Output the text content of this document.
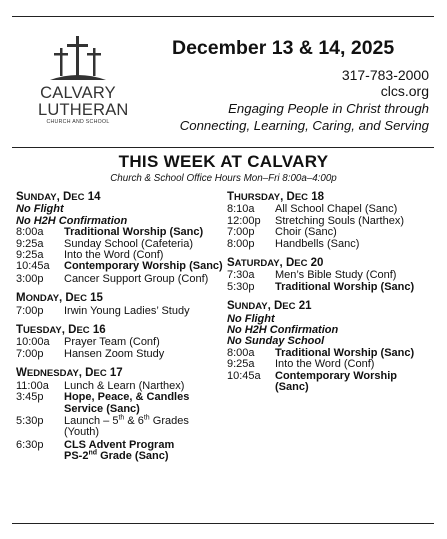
CALVARY
LUTHERAN
CHURCH AND SCHOOL
December 13 & 14, 2025
317-783-2000
clcs.org
Engaging People in Christ through
Connecting, Learning, Caring, and Serving
THIS WEEK AT CALVARY
Church & School Office Hours Mon–Fri 8:00a–4:00p
SUNDAY, DEC 14
No Flight
No H2H Confirmation
8:00a	Traditional Worship (Sanc)
9:25a	Sunday School (Cafeteria)
9:25a	Into the Word (Conf)
10:45a	Contemporary Worship (Sanc)
3:00p	Cancer Support Group (Conf)
MONDAY, DEC 15
7:00p	Irwin Young Ladies’ Study
TUESDAY, DEC 16
10:00a	Prayer Team (Conf)
7:00p	Hansen Zoom Study
WEDNESDAY, DEC 17
11:00a	Lunch & Learn (Narthex)
3:45p	Hope, Peace, & Candles Service (Sanc)
5:30p	Launch – 5th & 6th Grades (Youth)
6:30p	CLS Advent Program
PS-2nd Grade (Sanc)
THURSDAY, DEC 18
8:10a	All School Chapel (Sanc)
12:00p	Stretching Souls (Narthex)
7:00p	Choir (Sanc)
8:00p	Handbells (Sanc)
SATURDAY, DEC 20
7:30a	Men’s Bible Study (Conf)
5:30p	Traditional Worship (Sanc)
SUNDAY, DEC 21
No Flight
No H2H Confirmation
No Sunday School
8:00a	Traditional Worship (Sanc)
9:25a	Into the Word (Conf)
10:45a	Contemporary Worship (Sanc)
